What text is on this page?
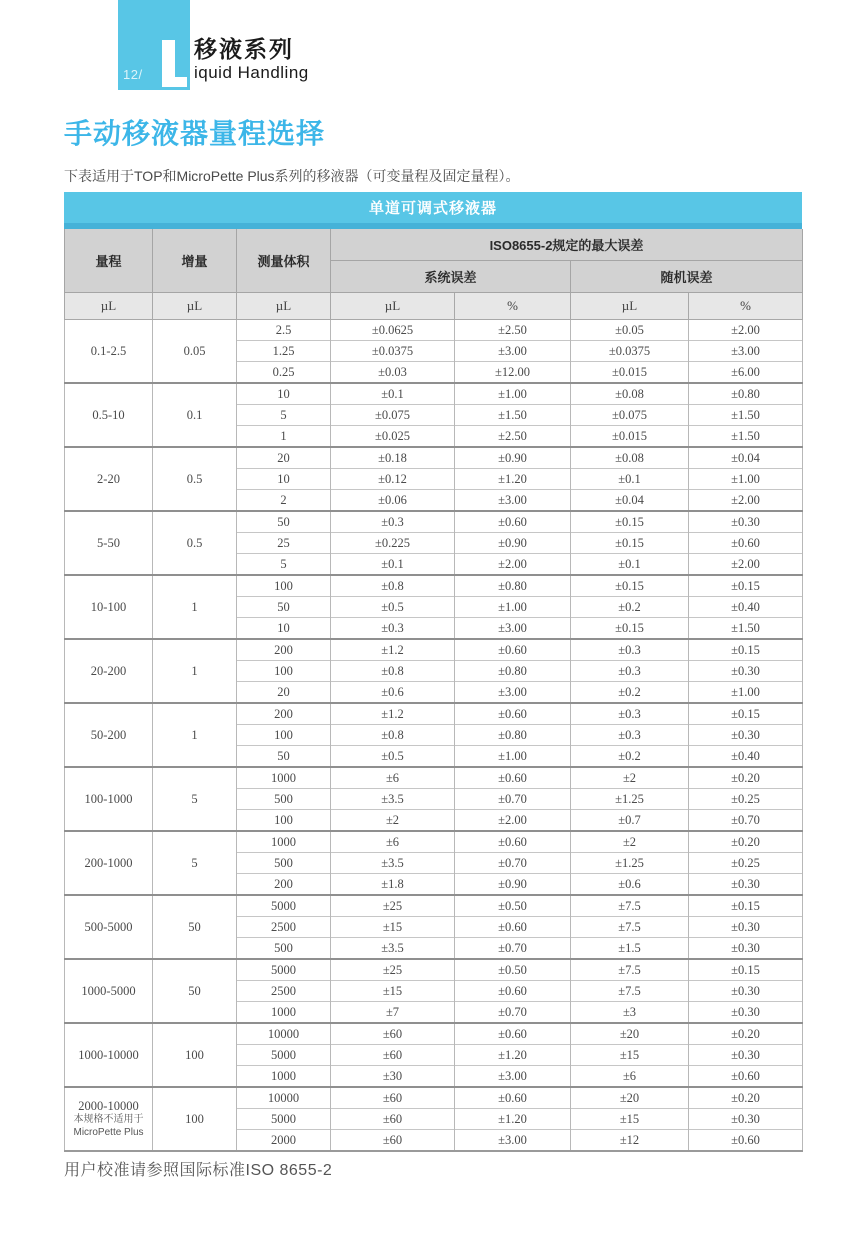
12/
移液系列
iquid Handling
手动移液器量程选择
下表适用于TOP和MicroPette Plus系列的移液器（可变量程及固定量程）。
单道可调式移液器
量程	增量	测量体积	ISO8655-2规定的最大误差			
			系统误差		随机误差	
µL	µL	µL	µL	%	µL	%

0.1-2.5	0.05	2.5	±0.0625	±2.50	±0.05	±2.00
		1.25	±0.0375	±3.00	±0.0375	±3.00
		0.25	±0.03	±12.00	±0.015	±6.00

0.5-10	0.1	10	±0.1	±1.00	±0.08	±0.80
		5	±0.075	±1.50	±0.075	±1.50
		1	±0.025	±2.50	±0.015	±1.50

2-20	0.5	20	±0.18	±0.90	±0.08	±0.04
		10	±0.12	±1.20	±0.1	±1.00
		2	±0.06	±3.00	±0.04	±2.00

5-50	0.5	50	±0.3	±0.60	±0.15	±0.30
		25	±0.225	±0.90	±0.15	±0.60
		5	±0.1	±2.00	±0.1	±2.00

10-100	1	100	±0.8	±0.80	±0.15	±0.15
		50	±0.5	±1.00	±0.2	±0.40
		10	±0.3	±3.00	±0.15	±1.50

20-200	1	200	±1.2	±0.60	±0.3	±0.15
		100	±0.8	±0.80	±0.3	±0.30
		20	±0.6	±3.00	±0.2	±1.00

50-200	1	200	±1.2	±0.60	±0.3	±0.15
		100	±0.8	±0.80	±0.3	±0.30
		50	±0.5	±1.00	±0.2	±0.40

100-1000	5	1000	±6	±0.60	±2	±0.20
		500	±3.5	±0.70	±1.25	±0.25
		100	±2	±2.00	±0.7	±0.70

200-1000	5	1000	±6	±0.60	±2	±0.20
		500	±3.5	±0.70	±1.25	±0.25
		200	±1.8	±0.90	±0.6	±0.30

500-5000	50	5000	±25	±0.50	±7.5	±0.15
		2500	±15	±0.60	±7.5	±0.30
		500	±3.5	±0.70	±1.5	±0.30

1000-5000	50	5000	±25	±0.50	±7.5	±0.15
		2500	±15	±0.60	±7.5	±0.30
		1000	±7	±0.70	±3	±0.30

1000-10000	100	10000	±60	±0.60	±20	±0.20
		5000	±60	±1.20	±15	±0.30
		1000	±30	±3.00	±6	±0.60

2000-10000
本规格不适用于
MicroPette Plus	100	10000	±60	±0.60	±20	±0.20
		5000	±60	±1.20	±15	±0.30
		2000	±60	±3.00	±12	±0.60
用户校准请参照国际标准ISO 8655-2
